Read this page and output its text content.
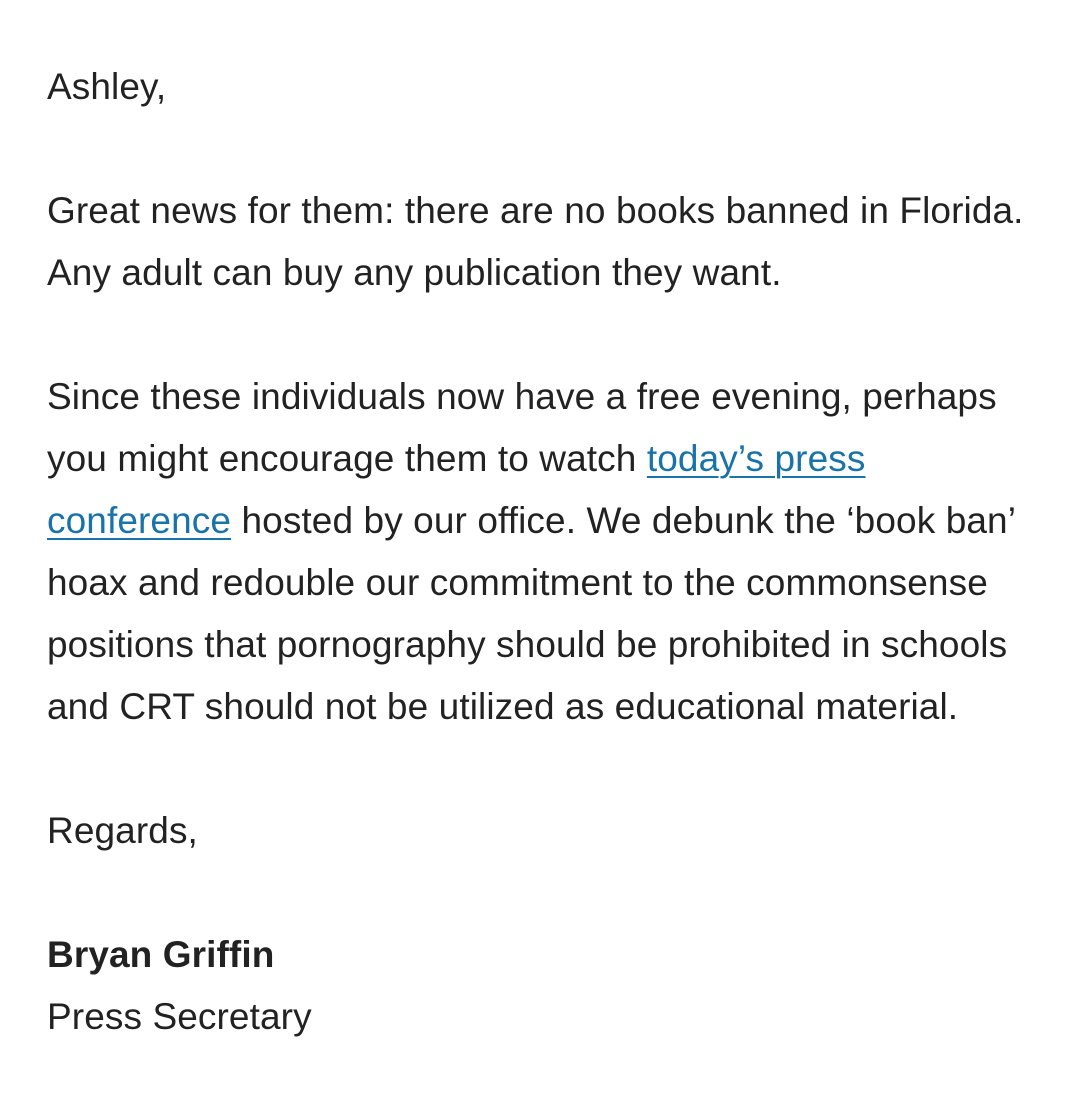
Ashley,

Great news for them: there are no books banned in Florida. Any adult can buy any publication they want.

Since these individuals now have a free evening, perhaps you might encourage them to watch today’s press conference hosted by our office. We debunk the ‘book ban’ hoax and redouble our commitment to the commonsense positions that pornography should be prohibited in schools and CRT should not be utilized as educational material.

Regards,

Bryan Griffin

Press Secretary
